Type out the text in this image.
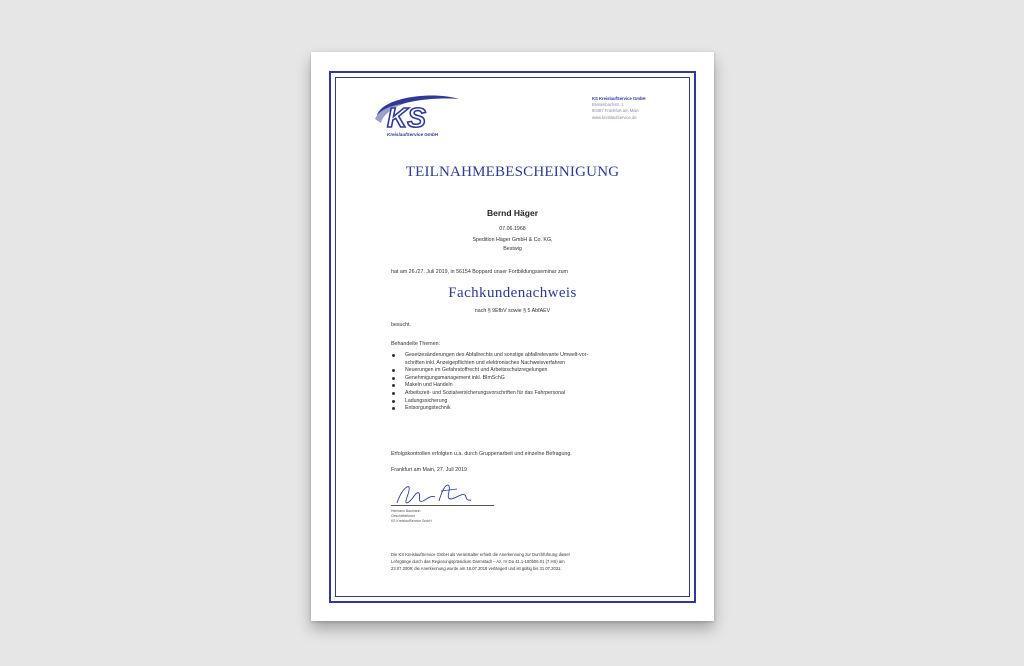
KS
KreislaufService GmbH
KS KreislaufService GmbH
Breitenbachstr. 1
60487 Frankfurt am Main
www.kreislaufservice.de
TEILNAHMEBESCHEINIGUNG
Bernd Häger
07.06.1968
Spedition Häger GmbH & Co. KG,
Bestwig
hat am 26./27. Juli 2019, in 56154 Boppard unser Fortbildungsseminar zum
Fachkundenachweis
nach § 9EfbV sowie § 5 AbfAEV
besucht.
Behandelte Themen:
Gesetzesänderungen des Abfallrechts und sonstige abfallrelevante Umwelt-vor-
schriften inkl. Anzeigepflichten und elektronisches Nachweisverfahren
Neuerungen im Gefahrstoffrecht und Arbeitsschutzregelungen
Genehmigungsmanagement inkl. BImSchG
Makeln und Handeln
Arbeitszeit- und Sozialversicherungsvorschriften für das Fahrpersonal
Ladungssicherung
Entsorgungstechnik
Erfolgskontrollen erfolgten u.a. durch Gruppenarbeit und einzelne Befragung.
Frankfurt am Main, 27. Juli 2019
Hermann Baumann
Geschäftsführer
KS KreislaufService GmbH
Die KS KreislaufService GmbH als Veranstalter erhielt die Anerkennung zur Durchführung dieser
Lehrgänge durch das Regierungspräsidium Darmstadt – Az. IV Da 41.1-100b06.01 (7.HS) am
23.07.2009; die Anerkennung wurde am 16.07.2018 verlängert und ist gültig bis 31.07.2021.
